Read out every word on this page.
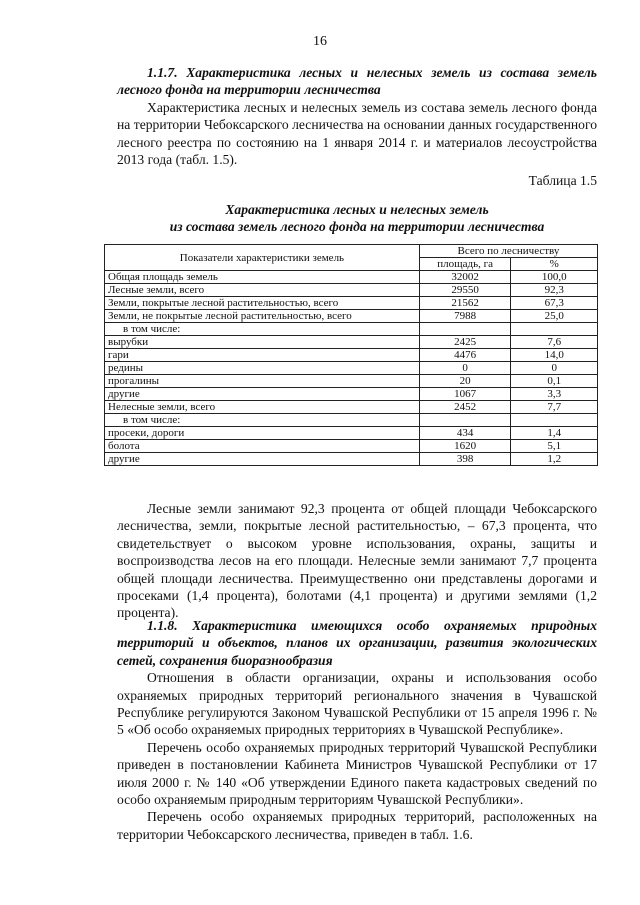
16
1.1.7. Характеристика лесных и нелесных земель из состава земель лесного фонда на территории лесничества
Характеристика лесных и нелесных земель из состава земель лесного фонда на территории Чебоксарского лесничества на основании данных государственного лесного реестра по состоянию на 1 января 2014 г. и материалов лесоустройства 2013 года (табл. 1.5).
Таблица 1.5
Характеристика лесных и нелесных земель
из состава земель лесного фонда на территории лесничества
Показатели характеристики земель	Всего по лесничеству	
	площадь, га	%
Общая площадь земель	32002	100,0
Лесные земли, всего	29550	92,3
Земли, покрытые лесной растительностью, всего	21562	67,3
Земли, не покрытые лесной растительностью, всего	7988	25,0
в том числе:		
вырубки	2425	7,6
гари	4476	14,0
редины	0	0
прогалины	20	0,1
другие	1067	3,3
Нелесные земли, всего	2452	7,7
в том числе:		
просеки, дороги	434	1,4
болота	1620	5,1
другие	398	1,2
Лесные земли занимают 92,3 процента от общей площади Чебоксарского лесничества, земли, покрытые лесной растительностью, – 67,3 процента, что свидетельствует о высоком уровне использования, охраны, защиты и воспроизводства лесов на его площади. Нелесные земли занимают 7,7 процента общей площади лесничества. Преимущественно они представлены дорогами и просеками (1,4 процента), болотами (4,1 процента) и другими землями (1,2 процента).
1.1.8. Характеристика имеющихся особо охраняемых природных территорий и объектов, планов их организации, развития экологических сетей, сохранения биоразнообразия
Отношения в области организации, охраны и использования особо охраняемых природных территорий регионального значения в Чувашской Республике регулируются Законом Чувашской Республики от 15 апреля 1996 г. № 5 «Об особо охраняемых природных территориях в Чувашской Республике».
Перечень особо охраняемых природных территорий Чувашской Республики приведен в постановлении Кабинета Министров Чувашской Республики от 17 июля 2000 г. № 140 «Об утверждении Единого пакета кадастровых сведений по особо охраняемым природным территориям Чувашской Республики».
Перечень особо охраняемых природных территорий, расположенных на территории Чебоксарского лесничества, приведен в табл. 1.6.
